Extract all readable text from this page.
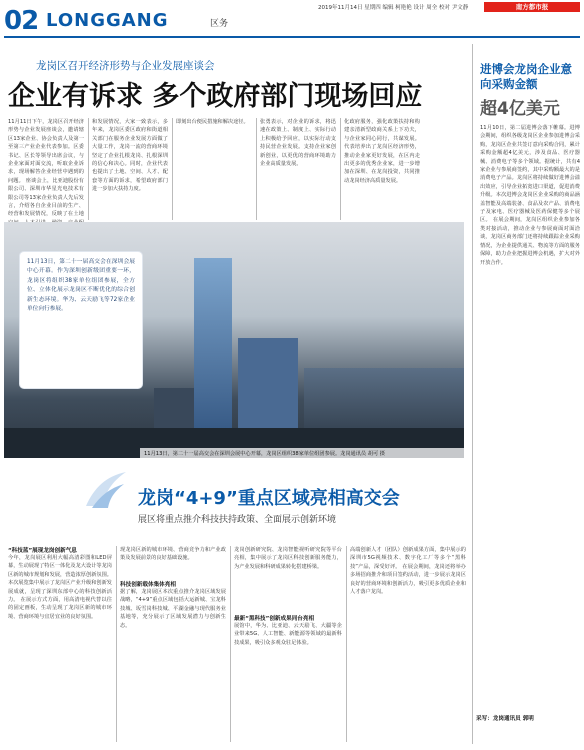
02 LONGGANG	区务
2019年11月14日 星期四 编辑 柯艳艳 设计 周全 校对 尹文静	南方都市报
龙岗区召开经济形势与企业发展座谈会
企业有诉求 多个政府部门现场回应
11月11日下午，龙岗区召开经济形势与企业发展座谈会，邀请辖区13家企业、协会负责人及第一至第三产业企业代表参加。区委书记、区长等领导出席会议，与企业家面对面交流，听取企业诉求，现场解答企业经营中遇到的问题。 座谈会上，比亚迪股份有限公司、深圳市华星光电技术有限公司等13家企业负责人先后发言，介绍各自企业目前的生产、经营和发展情况，反映了在土地
和发展情况，大家一致表示，多年来，龙岗区委区政府和街道相关部门在服务企业发展方面做了大量工作，龙岗一流的营商环境坚定了企业扎根龙岗、扎根深圳的信心和决心。同时，企业代表也提出了土地、空间、人才、配套等方面的诉求，希望政府部门进一步加大扶持力度。
即刻出台便民措施和解决途径。	张勇表示，对企业的诉求，将迅速在政策上、制度上、实际行动上积极给予回应，以实际行动支持民营企业发展。支持企业家创新创业，以更优的营商环境助力企业高质量发展。
化政府服务，强化政策扶持和构建亲清新型政商关系上下功夫，与企业家同心同行，共谋发展。 代表培养出了龙岗区经济形势，推动企业家更好发展，在区内走出更多的优秀企业家，进一步增加在深圳、在龙岗投资，共同推动龙岗经济高质量发展。
11月13日，第二十一届高交会在深圳会展中心开幕。作为深圳创新级团重要一环，龙岗区将组织38家单位组团参展，全方位、立体化展示龙岗区不断优化的综合创新生态环境。华为、云天励飞等72家企业单位向行参展。
11月13日，第二十一届高交会在深圳会展中心开幕，龙岗区组织38家单位组团参展。龙岗通讯员 胡可 摄
进博会龙岗企业意向采购金额
超4亿美元
11月10日，第二届进博会落下帷幕。进博会期间，组织各级龙岗区企业参加进博会采购，龙岗区企业共签订意向采购合同，累计采购金额超4亿美元，涉及食品、医疗器械、消费电子等多个领域。据统计，共有4家企业与参展商签约，其中采购额最大的是消费电子产品。龙岗区将持续做好进博会溢出效应，引导企业拓宽进口渠道，促进消费升级。本次进博会龙岗区企业采购的商品涵盖智能及高端装备、食品及农产品、消费电子及家电、医疗器械及医药保健等多个展区。 在展会期间，龙岗区组织企业参加各类对接活动，推动企业与参展商面对面洽谈，龙岗区商务部门还将持续跟踪企业采购情况，为企业提供通关、物流等方面的服务保障，助力企业把握进博会机遇，扩大对外开放合作。
采写：龙岗通讯员 郭明
龙岗“4+9”重点区域亮相高交会
展区将重点推介科技扶持政策、全面展示创新环境
“科技蓝”展现龙岗创新气息
今年，龙岗展区利用大幅高清彩图和LED屏幕，生动展现了特区一体化及龙大设计等龙岗区新的城市规划和发展，营造浓厚创新氛围。本次展览集中展示了龙岗区产业升级和创新发展成就，呈现了深圳东部中心的科技创新活力。 在展示方式方面，用高清电视代替以往的固定画板，生动呈现了龙岗区新的城市环境、营商环境与宜居宜业的良好氛围。
现龙岗区新的城市环境、营商竞争力和产业政策及发展前景的良好基础设施。
科技创新载体集体亮相
据了解，龙岗展区本次重点推介龙岗区域发展战略，“4+9”重点区域包括大运新城、宝龙科技城、坂雪岗科技城、平湖金融与现代服务业基地等，充分展示了区域发展潜力与创新生态。
龙岗创新研究院、龙岗智能视听研究院等平台亮相，集中展示了龙岗区科技创新服务能力，为产业发展和科研成果转化搭建桥梁。
最新“黑科技”创新成果同台亮相
展馆中，华为、比亚迪、云天励飞、大疆等企业带来5G、人工智能、新能源等领域的最新科技成果，吸引众多观众驻足体验。
高端创新人才（团队）创新成果方面，集中展示的深圳市5G视频技术、数字化工厂等多个“黑科技”产品，深受好评。 在展会期间，龙岗还将举办多场招商推介和项目签约活动，进一步展示龙岗区良好的营商环境和创新活力，吸引更多优质企业和人才落户龙岗。
